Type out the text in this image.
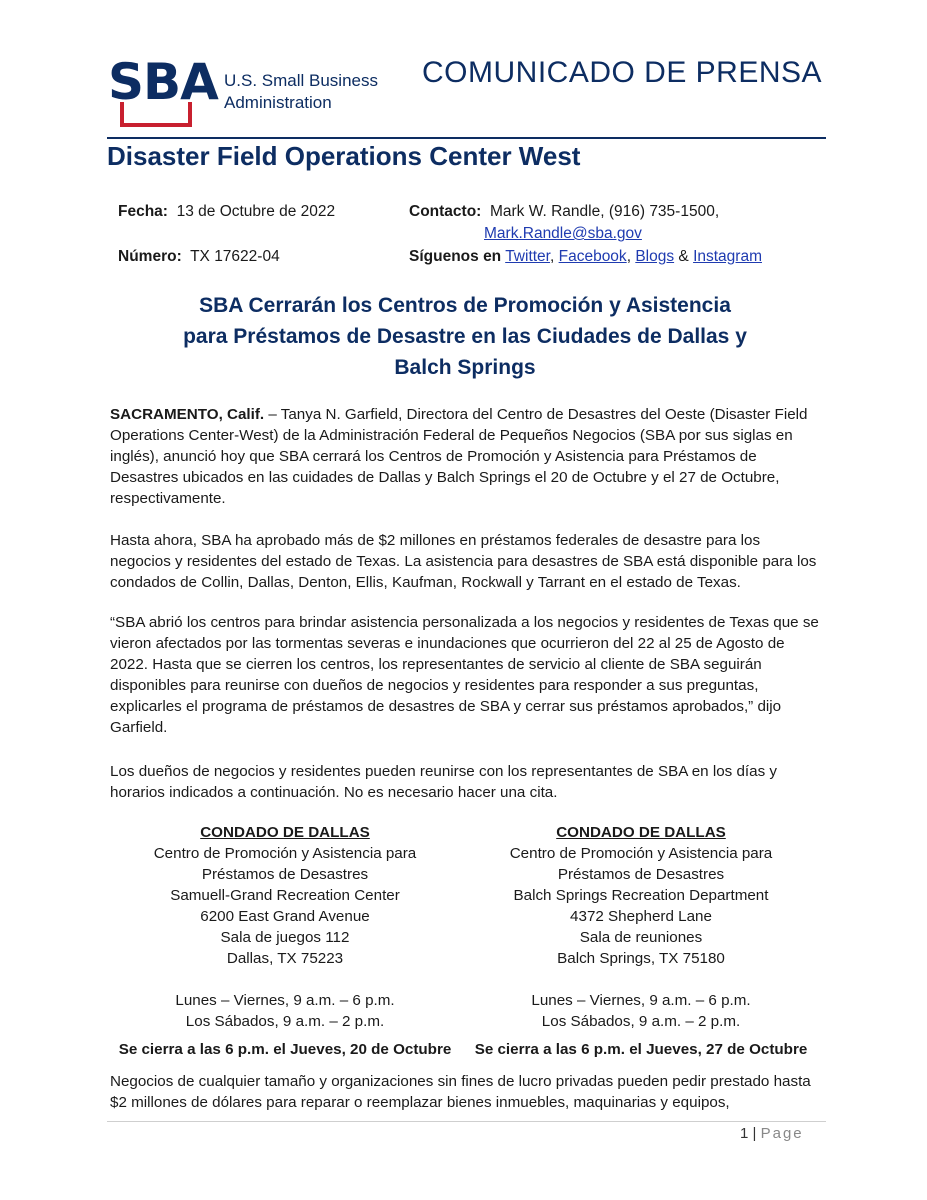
SBA U.S. Small Business
Administration
COMUNICADO DE PRENSA
Disaster Field Operations Center West
Fecha: 13 de Octubre de 2022
Número: TX 17622-04
Contacto: Mark W. Randle, (916) 735-1500,
Mark.Randle@sba.gov
Síguenos en Twitter, Facebook, Blogs & Instagram
SBA Cerrarán los Centros de Promoción y Asistencia
para Préstamos de Desastre en las Ciudades de Dallas y
Balch Springs

SACRAMENTO, Calif. – Tanya N. Garfield, Directora del Centro de Desastres del Oeste (Disaster Field Operations Center-West) de la Administración Federal de Pequeños Negocios (SBA por sus siglas en inglés), anunció hoy que SBA cerrará los Centros de Promoción y Asistencia para Préstamos de Desastres ubicados en las cuidades de Dallas y Balch Springs el 20 de Octubre y el 27 de Octubre, respectivamente.

Hasta ahora, SBA ha aprobado más de $2 millones en préstamos federales de desastre para los negocios y residentes del estado de Texas. La asistencia para desastres de SBA está disponible para los condados de Collin, Dallas, Denton, Ellis, Kaufman, Rockwall y Tarrant en el estado de Texas.

“SBA abrió los centros para brindar asistencia personalizada a los negocios y residentes de Texas que se vieron afectados por las tormentas severas e inundaciones que ocurrieron del 22 al 25 de Agosto de 2022. Hasta que se cierren los centros, los representantes de servicio al cliente de SBA seguirán disponibles para reunirse con dueños de negocios y residentes para responder a sus preguntas, explicarles el programa de préstamos de desastres de SBA y cerrar sus préstamos aprobados,” dijo Garfield.

Los dueños de negocios y residentes pueden reunirse con los representantes de SBA en los días y horarios indicados a continuación. No es necesario hacer una cita.

CONDADO DE DALLAS
Centro de Promoción y Asistencia para
Préstamos de Desastres
Samuell-Grand Recreation Center
6200 East Grand Avenue
Sala de juegos 112
Dallas, TX 75223
Lunes – Viernes, 9 a.m. – 6 p.m.
Los Sábados, 9 a.m. – 2 p.m.
Se cierra a las 6 p.m. el Jueves, 20 de Octubre
CONDADO DE DALLAS
Centro de Promoción y Asistencia para
Préstamos de Desastres
Balch Springs Recreation Department
4372 Shepherd Lane
Sala de reuniones
Balch Springs, TX 75180
Lunes – Viernes, 9 a.m. – 6 p.m.
Los Sábados, 9 a.m. – 2 p.m.
Se cierra a las 6 p.m. el Jueves, 27 de Octubre

Negocios de cualquier tamaño y organizaciones sin fines de lucro privadas pueden pedir prestado hasta $2 millones de dólares para reparar o reemplazar bienes inmuebles, maquinarias y equipos,

1 | Page
